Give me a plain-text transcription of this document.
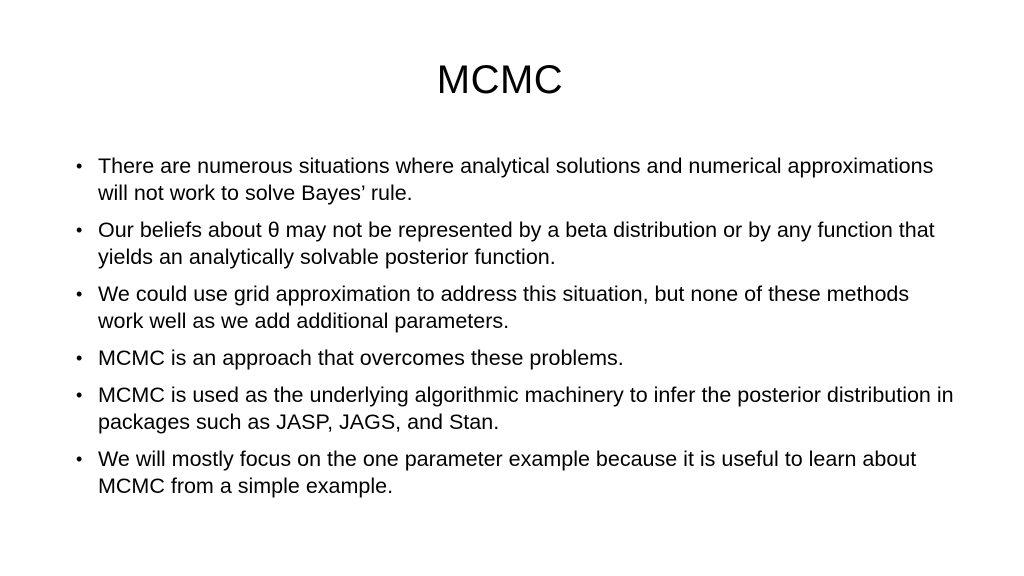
MCMC
• There are numerous situations where analytical solutions and numerical approximations will not work to solve Bayes’ rule.
• Our beliefs about θ may not be represented by a beta distribution or by any function that yields an analytically solvable posterior function.
• We could use grid approximation to address this situation, but none of these methods work well as we add additional parameters.
• MCMC is an approach that overcomes these problems.
• MCMC is used as the underlying algorithmic machinery to infer the posterior distribution in packages such as JASP, JAGS, and Stan.
• We will mostly focus on the one parameter example because it is useful to learn about MCMC from a simple example.
